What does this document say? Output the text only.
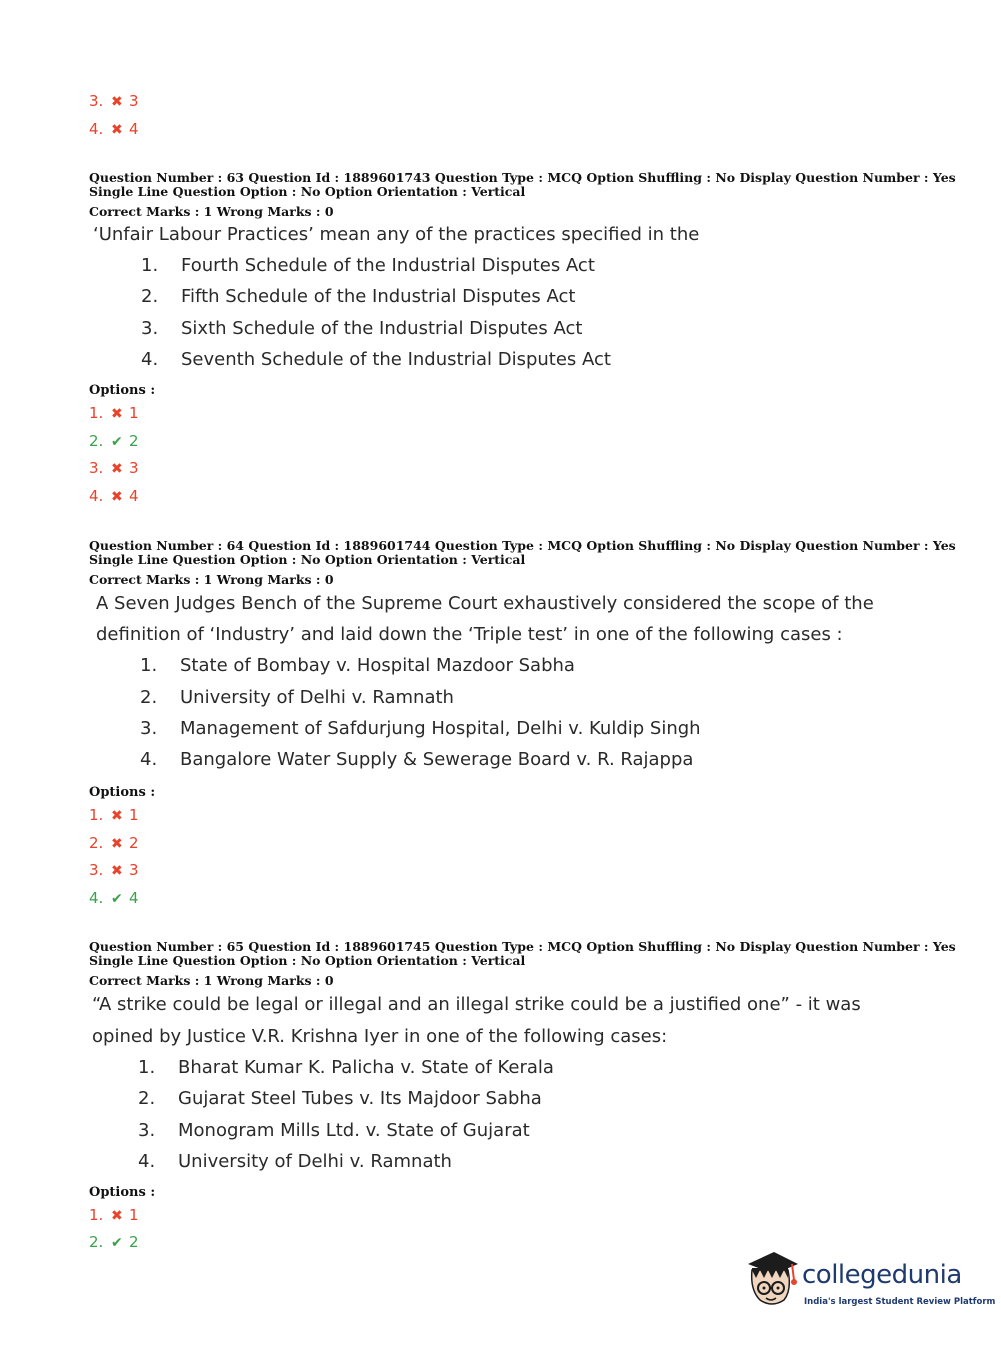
3. ✖ 3
4. ✖ 4
Question Number : 63 Question Id : 1889601743 Question Type : MCQ Option Shuffling : No Display Question Number : Yes
Single Line Question Option : No Option Orientation : Vertical
Correct Marks : 1 Wrong Marks : 0
‘Unfair Labour Practices’ mean any of the practices specified in the
1. Fourth Schedule of the Industrial Disputes Act
2. Fifth Schedule of the Industrial Disputes Act
3. Sixth Schedule of the Industrial Disputes Act
4. Seventh Schedule of the Industrial Disputes Act
Options :
1. ✖ 1
2. ✔ 2
3. ✖ 3
4. ✖ 4
Question Number : 64 Question Id : 1889601744 Question Type : MCQ Option Shuffling : No Display Question Number : Yes
Single Line Question Option : No Option Orientation : Vertical
Correct Marks : 1 Wrong Marks : 0
A Seven Judges Bench of the Supreme Court exhaustively considered the scope of the
definition of ‘Industry’ and laid down the ‘Triple test’ in one of the following cases :
1. State of Bombay v. Hospital Mazdoor Sabha
2. University of Delhi v. Ramnath
3. Management of Safdurjung Hospital, Delhi v. Kuldip Singh
4. Bangalore Water Supply & Sewerage Board v. R. Rajappa
Options :
1. ✖ 1
2. ✖ 2
3. ✖ 3
4. ✔ 4
Question Number : 65 Question Id : 1889601745 Question Type : MCQ Option Shuffling : No Display Question Number : Yes
Single Line Question Option : No Option Orientation : Vertical
Correct Marks : 1 Wrong Marks : 0
“A strike could be legal or illegal and an illegal strike could be a justified one” - it was
opined by Justice V.R. Krishna Iyer in one of the following cases:
1. Bharat Kumar K. Palicha v. State of Kerala
2. Gujarat Steel Tubes v. Its Majdoor Sabha
3. Monogram Mills Ltd. v. State of Gujarat
4. University of Delhi v. Ramnath
Options :
1. ✖ 1
2. ✔ 2
collegedunia
India's largest Student Review Platform
